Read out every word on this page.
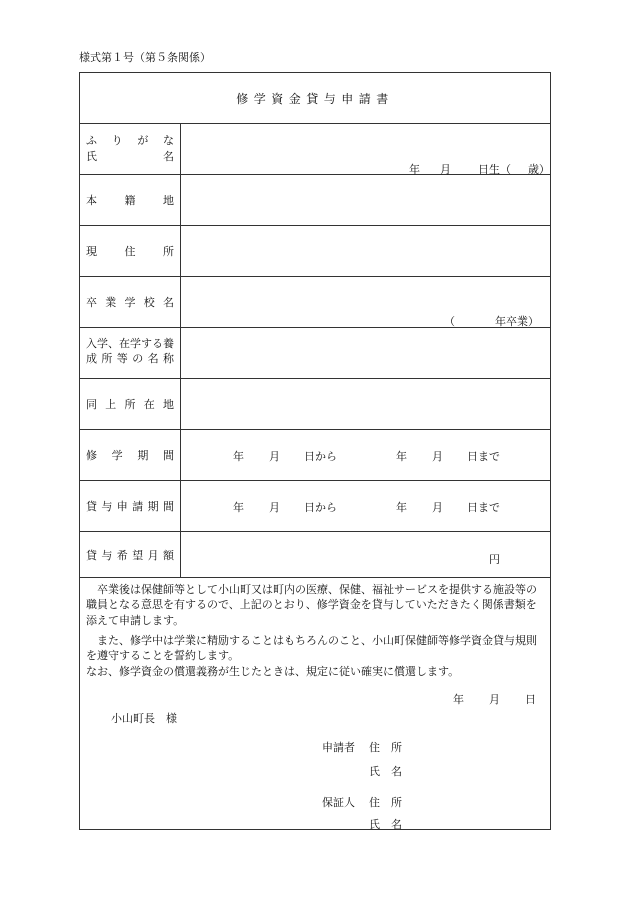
様式第１号（第５条関係）
修学資金貸与申請書
ふりがな
氏名
年 月 日生（ 歳）
本籍地
現住所
卒業学校名
（	年卒業）
入学、在学する養
成所等の名称
同上所在地
修学期間	年 月 日から	年 月 日まで
貸与申請期間	年 月 日から	年 月 日まで
貸与希望月額	円
卒業後は保健師等として小山町又は町内の医療、保健、福祉サービスを提供する施設等の職員となる意思を有するので、上記のとおり、修学資金を貸与していただきたく関係書類を添えて申請します。
また、修学中は学業に精励することはもちろんのこと、小山町保健師等修学資金貸与規則を遵守することを誓約します。
なお、修学資金の償還義務が生じたときは、規定に従い確実に償還します。
年 月 日
小山町長　様
申請者 住　所
氏　名
保証人 住　所
氏　名
